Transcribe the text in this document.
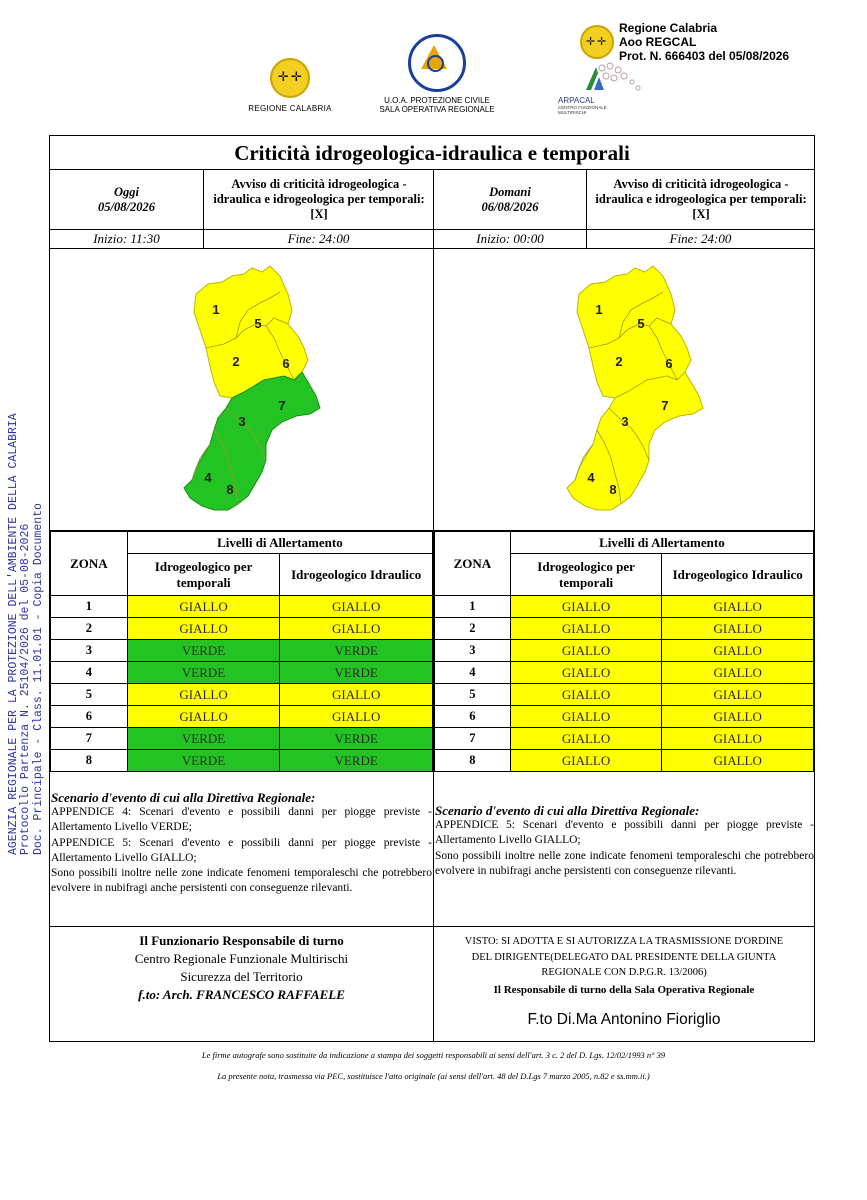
✛ ✛
REGIONE CALABRIA
U.O.A. PROTEZIONE CIVILE
SALA OPERATIVA REGIONALE
✛ ✛
Regione Calabria
Aoo REGCAL
Prot. N. 666403 del 05/08/2026
ARPACAL
CENTRO FUNZIONALE MULTIRISCHI
AGENZIA REGIONALE PER LA PROTEZIONE DELL'AMBIENTE DELLA CALABRIA Protocollo Partenza N. 25104/2026 del 05-08-2026 Doc. Principale - Class. 11.01.01 - Copia Documento
Criticità idrogeologica-idraulica e temporali
Oggi
05/08/2026
Avviso di criticità idrogeologica - idraulica e idrogeologica per temporali: [X]
Inizio: 11:30	Fine: 24:00
Domani
06/08/2026
Avviso di criticità idrogeologica - idraulica e idrogeologica per temporali: [X]
Inizio: 00:00	Fine: 24:00
1
5
2	6
7
3
4
8
1
5
2	6
7
3
4
8
ZONA	Livelli di Allertamento	
	Idrogeologico per temporali	Idrogeologico Idraulico
1	GIALLO	GIALLO
2	GIALLO	GIALLO
3	VERDE	VERDE
4	VERDE	VERDE
5	GIALLO	GIALLO
6	GIALLO	GIALLO
7	VERDE	VERDE
8	VERDE	VERDE
ZONA	Livelli di Allertamento	
	Idrogeologico per temporali	Idrogeologico Idraulico
1	GIALLO	GIALLO
2	GIALLO	GIALLO
3	GIALLO	GIALLO
4	GIALLO	GIALLO
5	GIALLO	GIALLO
6	GIALLO	GIALLO
7	GIALLO	GIALLO
8	GIALLO	GIALLO
Scenario d'evento di cui alla Direttiva Regionale:
APPENDICE 4: Scenari d'evento e possibili danni per piogge previste - Allertamento Livello VERDE;
APPENDICE 5: Scenari d'evento e possibili danni per piogge previste - Allertamento Livello GIALLO;
Sono possibili inoltre nelle zone indicate fenomeni temporaleschi che potrebbero evolvere in nubifragi anche persistenti con conseguenze rilevanti.
Scenario d'evento di cui alla Direttiva Regionale:
APPENDICE 5: Scenari d'evento e possibili danni per piogge previste - Allertamento Livello GIALLO;
Sono possibili inoltre nelle zone indicate fenomeni temporaleschi che potrebbero evolvere in nubifragi anche persistenti con conseguenze rilevanti.
Il Funzionario Responsabile di turno
Centro Regionale Funzionale Multirischi
Sicurezza del Territorio
f.to: Arch. FRANCESCO RAFFAELE
VISTO: SI ADOTTA E SI AUTORIZZA LA TRASMISSIONE D'ORDINE
DEL DIRIGENTE(DELEGATO DAL PRESIDENTE DELLA GIUNTA
REGIONALE CON D.P.G.R. 13/2006)
Il Responsabile di turno della Sala Operativa Regionale
F.to Di.Ma Antonino Fioriglio
Le firme autografe sono sostituite da indicazione a stampa dei soggetti responsabili ai sensi dell'art. 3 c. 2 del D. Lgs. 12/02/1993 n° 39
La presente nota, trasmessa via PEC, sostituisce l'atto originale (ai sensi dell'art. 48 del D.Lgs 7 marzo 2005, n.82 e ss.mm.ii.)
